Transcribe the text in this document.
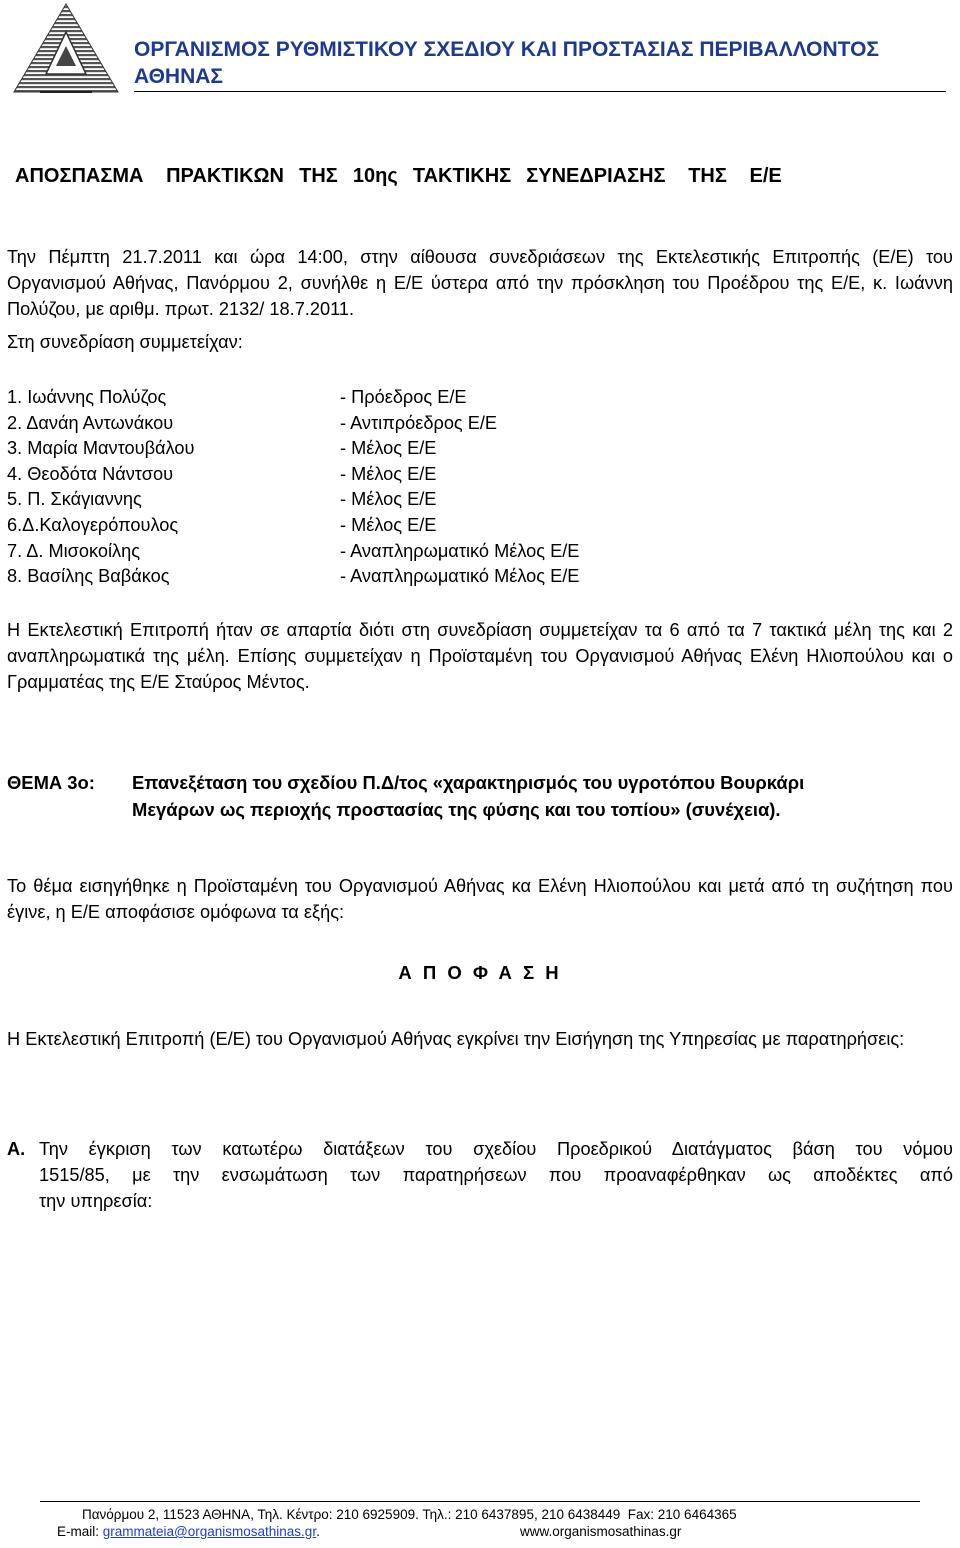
ΟΡΓΑΝΙΣΜΟΣ ΡΥΘΜΙΣΤΙΚΟΥ ΣΧΕΔΙΟΥ ΚΑΙ ΠΡΟΣΤΑΣΙΑΣ ΠΕΡΙΒΑΛΛΟΝΤΟΣ ΑΘΗΝΑΣ
ΑΠΟΣΠΑΣΜΑ   ΠΡΑΚΤΙΚΩΝ  ΤΗΣ  10ης  ΤΑΚΤΙΚΗΣ  ΣΥΝΕΔΡΙΑΣΗΣ   ΤΗΣ   Ε/Ε
Την Πέμπτη 21.7.2011 και ώρα 14:00, στην αίθουσα συνεδριάσεων της Εκτελεστικής Επιτροπής (Ε/Ε) του Οργανισμού Αθήνας, Πανόρμου 2, συνήλθε η Ε/Ε ύστερα από την πρόσκληση του Προέδρου της Ε/Ε, κ. Ιωάννη Πολύζου, με αριθμ. πρωτ. 2132/ 18.7.2011.
Στη συνεδρίαση συμμετείχαν:
1. Ιωάννης Πολύζος	- Πρόεδρος Ε/Ε
2. Δανάη Αντωνάκου	- Αντιπρόεδρος Ε/Ε
3. Μαρία Μαντουβάλου	- Μέλος Ε/Ε
4. Θεοδότα Νάντσου	- Μέλος Ε/Ε
5. Π. Σκάγιαννης	- Μέλος Ε/Ε
6.Δ.Καλογερόπουλος	- Μέλος Ε/Ε
7. Δ. Μισοκοίλης	- Αναπληρωματικό Μέλος Ε/Ε
8. Βασίλης Βαβάκος	- Αναπληρωματικό Μέλος Ε/Ε
Η Εκτελεστική Επιτροπή ήταν σε απαρτία διότι στη συνεδρίαση συμμετείχαν τα 6 από τα 7 τακτικά μέλη της και 2 αναπληρωματικά της μέλη. Επίσης συμμετείχαν η Προϊσταμένη του Οργανισμού Αθήνας Ελένη Ηλιοπούλου και ο Γραμματέας της Ε/Ε Σταύρος Μέντος.
ΘΕΜΑ 3ο: Επανεξέταση του σχεδίου Π.Δ/τος «χαρακτηρισμός του υγροτόπου Βουρκάρι
Μεγάρων ως περιοχής προστασίας της φύσης και του τοπίου» (συνέχεια).
Το θέμα εισηγήθηκε η Προϊσταμένη του Οργανισμού Αθήνας κα Ελένη Ηλιοπούλου και μετά από τη συζήτηση που έγινε, η Ε/Ε αποφάσισε ομόφωνα τα εξής:
Α Π Ο Φ Α Σ Η
Η Εκτελεστική Επιτροπή (Ε/Ε) του Οργανισμού Αθήνας εγκρίνει την Εισήγηση της Υπηρεσίας με παρατηρήσεις:
Α. Την έγκριση των κατωτέρω διατάξεων του σχεδίου Προεδρικού Διατάγματος βάση του νόμου
1515/85, με την ενσωμάτωση των παρατηρήσεων που προαναφέρθηκαν ως αποδέκτες από
την υπηρεσία:
Πανόρμου 2, 11523 ΑΘΗΝΑ, Τηλ. Κέντρο: 210 6925909. Τηλ.: 210 6437895, 210 6438449  Fax: 210 6464365
E-mail: grammateia@organismosathinas.gr.	www.organismosathinas.gr
